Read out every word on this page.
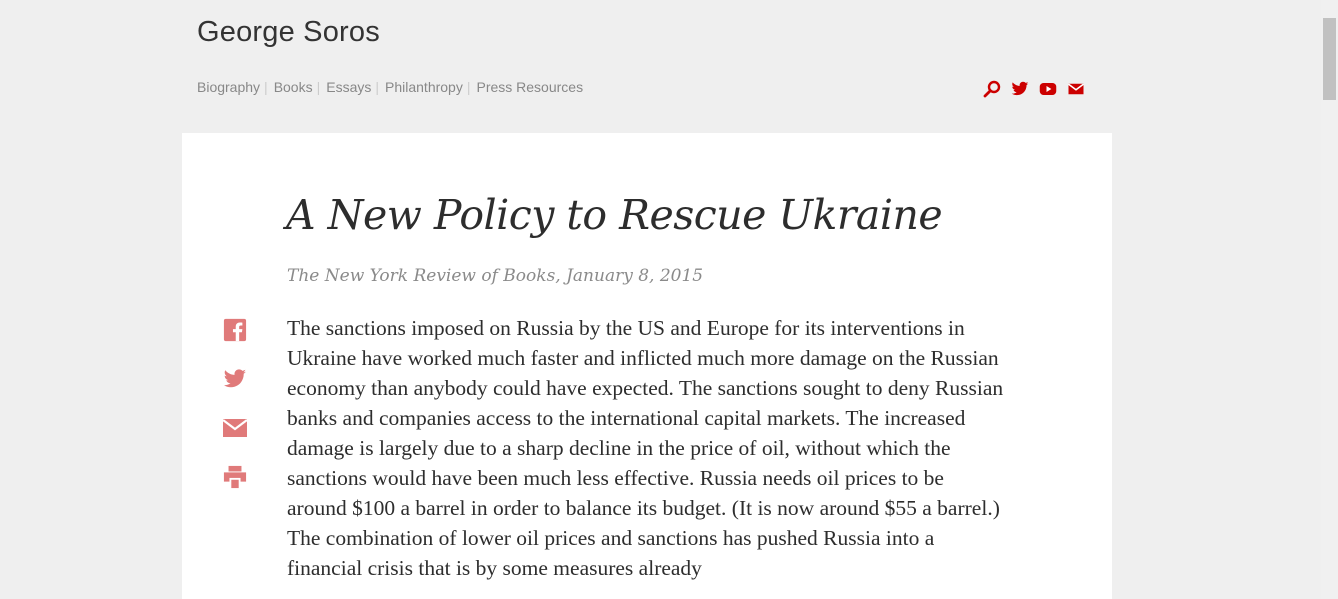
George Soros
Biography | Books | Essays | Philanthropy | Press Resources
A New Policy to Rescue Ukraine
The New York Review of Books, January 8, 2015

The sanctions imposed on Russia by the US and Europe for its interventions in Ukraine have worked much faster and inflicted much more damage on the Russian economy than anybody could have expected. The sanctions sought to deny Russian banks and companies access to the international capital markets. The increased damage is largely due to a sharp decline in the price of oil, without which the sanctions would have been much less effective. Russia needs oil prices to be around $100 a barrel in order to balance its budget. (It is now around $55 a barrel.) The combination of lower oil prices and sanctions has pushed Russia into a financial crisis that is by some measures already
